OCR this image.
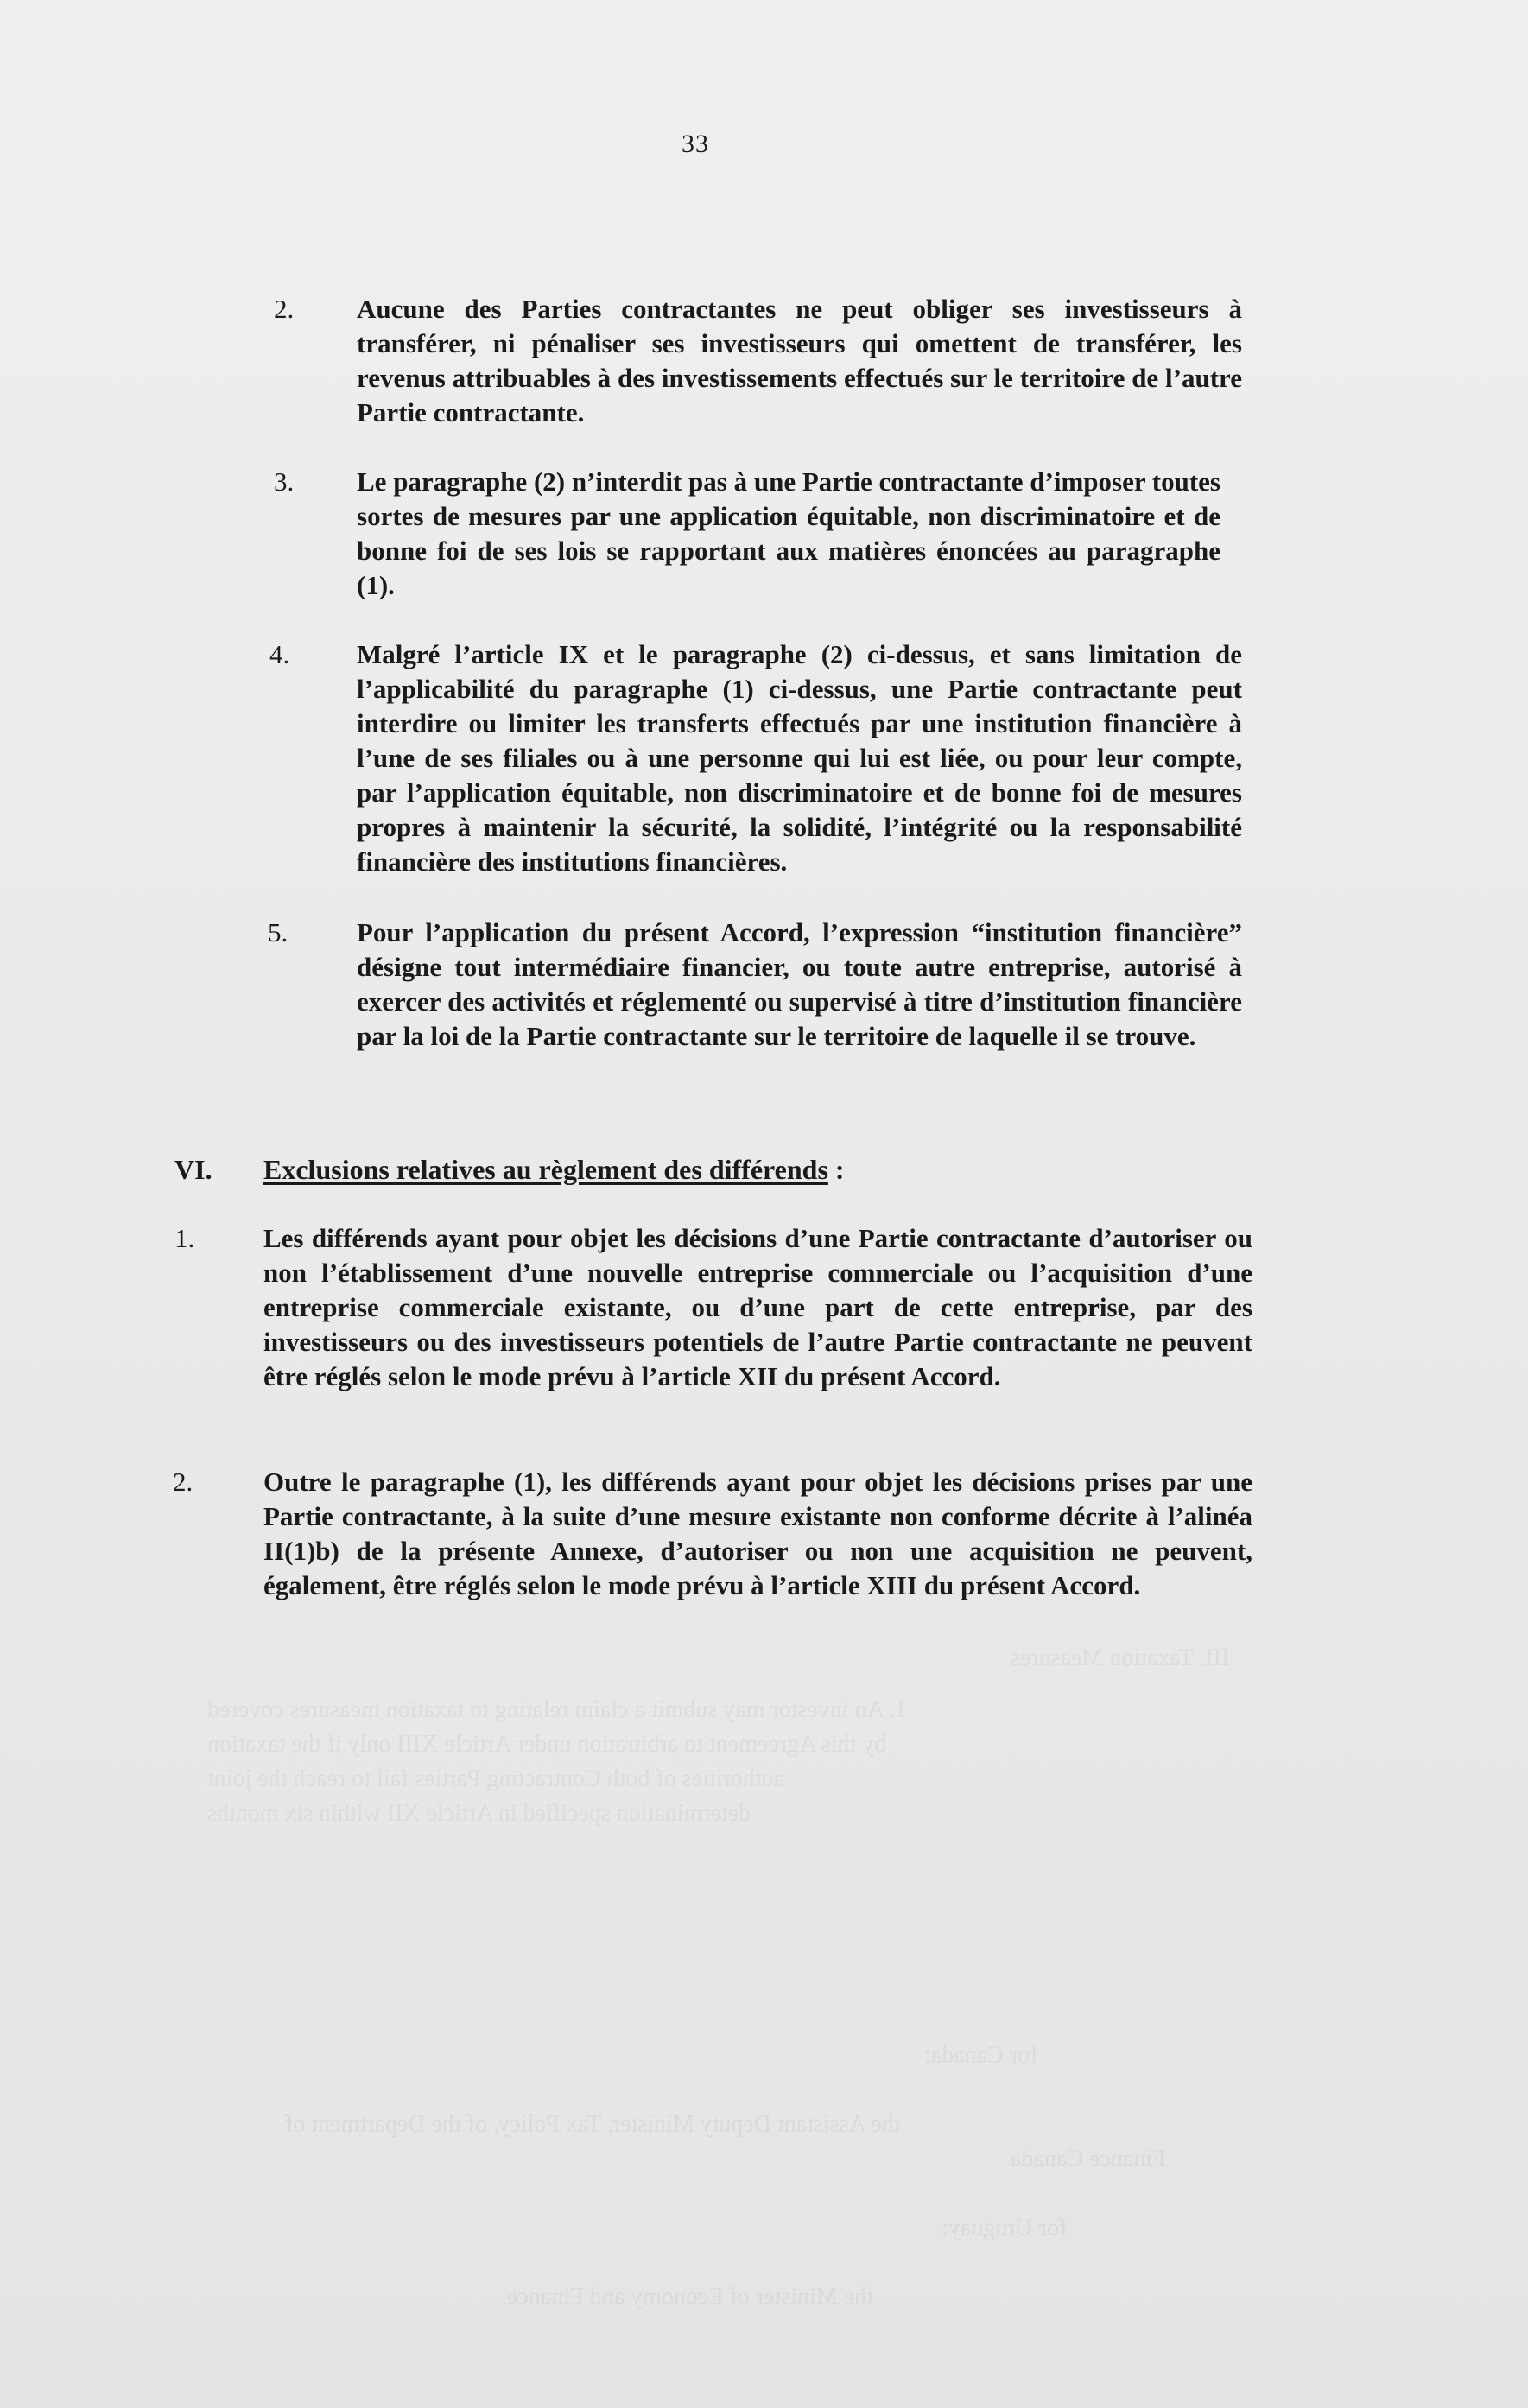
III. Taxation Measures
1. An investor may submit a claim relating to taxation measures covered
by this Agreement to arbitration under Article XIII only if the taxation
authorities of both Contracting Parties fail to reach the joint
determination specified in Article XII within six months
for Canada:
the Assistant Deputy Minister, Tax Policy, of the Department of
Finance Canada
for Uruguay:
the Minister of Economy and Finance.
33
2. Aucune des Parties contractantes ne peut obliger ses investisseurs à transférer, ni pénaliser ses investisseurs qui omettent de transférer, les revenus attribuables à des investissements effectués sur le territoire de l’autre Partie contractante.
3. Le paragraphe (2) n’interdit pas à une Partie contractante d’imposer toutes sortes de mesures par une application équitable, non discriminatoire et de bonne foi de ses lois se rapportant aux matières énoncées au paragraphe (1).
4.	Malgré l’article IX et le paragraphe (2) ci-dessus, et sans limitation de l’applicabilité du paragraphe (1) ci-dessus, une Partie contractante peut interdire ou limiter les transferts effectués par une institution financière à l’une de ses filiales ou à une personne qui lui est liée, ou pour leur compte, par l’application équitable, non discriminatoire et de bonne foi de mesures propres à maintenir la sécurité, la solidité, l’intégrité ou la responsabilité financière des institutions financières.
5.	Pour l’application du présent Accord, l’expression “institution financière” désigne tout intermédiaire financier, ou toute autre entreprise, autorisé à exercer des activités et réglementé ou supervisé à titre d’institution financière par la loi de la Partie contractante sur le territoire de laquelle il se trouve.
VI. Exclusions relatives au règlement des différends :
1.	Les différends ayant pour objet les décisions d’une Partie contractante d’autoriser ou non l’établissement d’une nouvelle entreprise commerciale ou l’acquisition d’une entreprise commerciale existante, ou d’une part de cette entreprise, par des investisseurs ou des investisseurs potentiels de l’autre Partie contractante ne peuvent être réglés selon le mode prévu à l’article XII du présent Accord.
2.	Outre le paragraphe (1), les différends ayant pour objet les décisions prises par une Partie contractante, à la suite d’une mesure existante non conforme décrite à l’alinéa II(1)b) de la présente Annexe, d’autoriser ou non une acquisition ne peuvent, également, être réglés selon le mode prévu à l’article XIII du présent Accord.
